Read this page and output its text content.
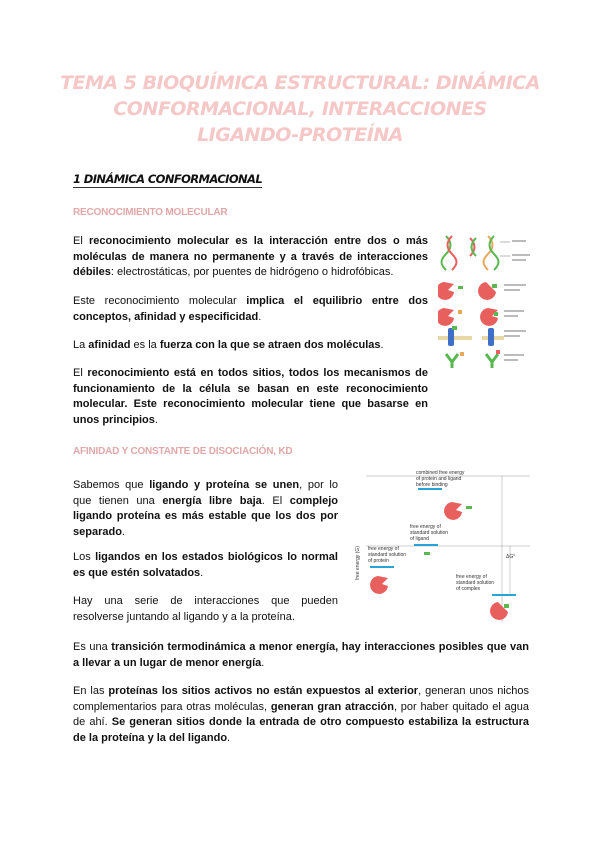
TEMA 5 BIOQUÍMICA ESTRUCTURAL: DINÁMICA
CONFORMACIONAL, INTERACCIONES
LIGANDO-PROTEÍNA
1 DINÁMICA CONFORMACIONAL
RECONOCIMIENTO MOLECULAR

El reconocimiento molecular es la interacción entre dos o más moléculas de manera no permanente y a través de interacciones débiles: electrostáticas, por puentes de hidrógeno o hidrofóbicas.

Este reconocimiento molecular implica el equilibrio entre dos conceptos, afinidad y especificidad.

La afinidad es la fuerza con la que se atraen dos moléculas.

El reconocimiento está en todos sitios, todos los mecanismos de funcionamiento de la célula se basan en este reconocimiento molecular. Este reconocimiento molecular tiene que basarse en unos principios.

AFINIDAD Y CONSTANTE DE DISOCIACIÓN, KD

Sabemos que ligando y proteína se unen, por lo que tienen una energía libre baja. El complejo ligando proteína es más estable que los dos por separado.

Los ligandos en los estados biológicos lo normal es que estén solvatados.

Hay una serie de interacciones que pueden resolverse juntando al ligando y a la proteína.

free energy (G)
combined free energy
of protein and ligand
before binding
free energy of
standard solution
of ligand
free energy of
standard solution
of protein
ΔG°
free energy of
standard solution
of complex

Es una transición termodinámica a menor energía, hay interacciones posibles que van a llevar a un lugar de menor energía.

En las proteínas los sitios activos no están expuestos al exterior, generan unos nichos complementarios para otras moléculas, generan gran atracción, por haber quitado el agua de ahí. Se generan sitios donde la entrada de otro compuesto estabiliza la estructura de la proteína y la del ligando.
